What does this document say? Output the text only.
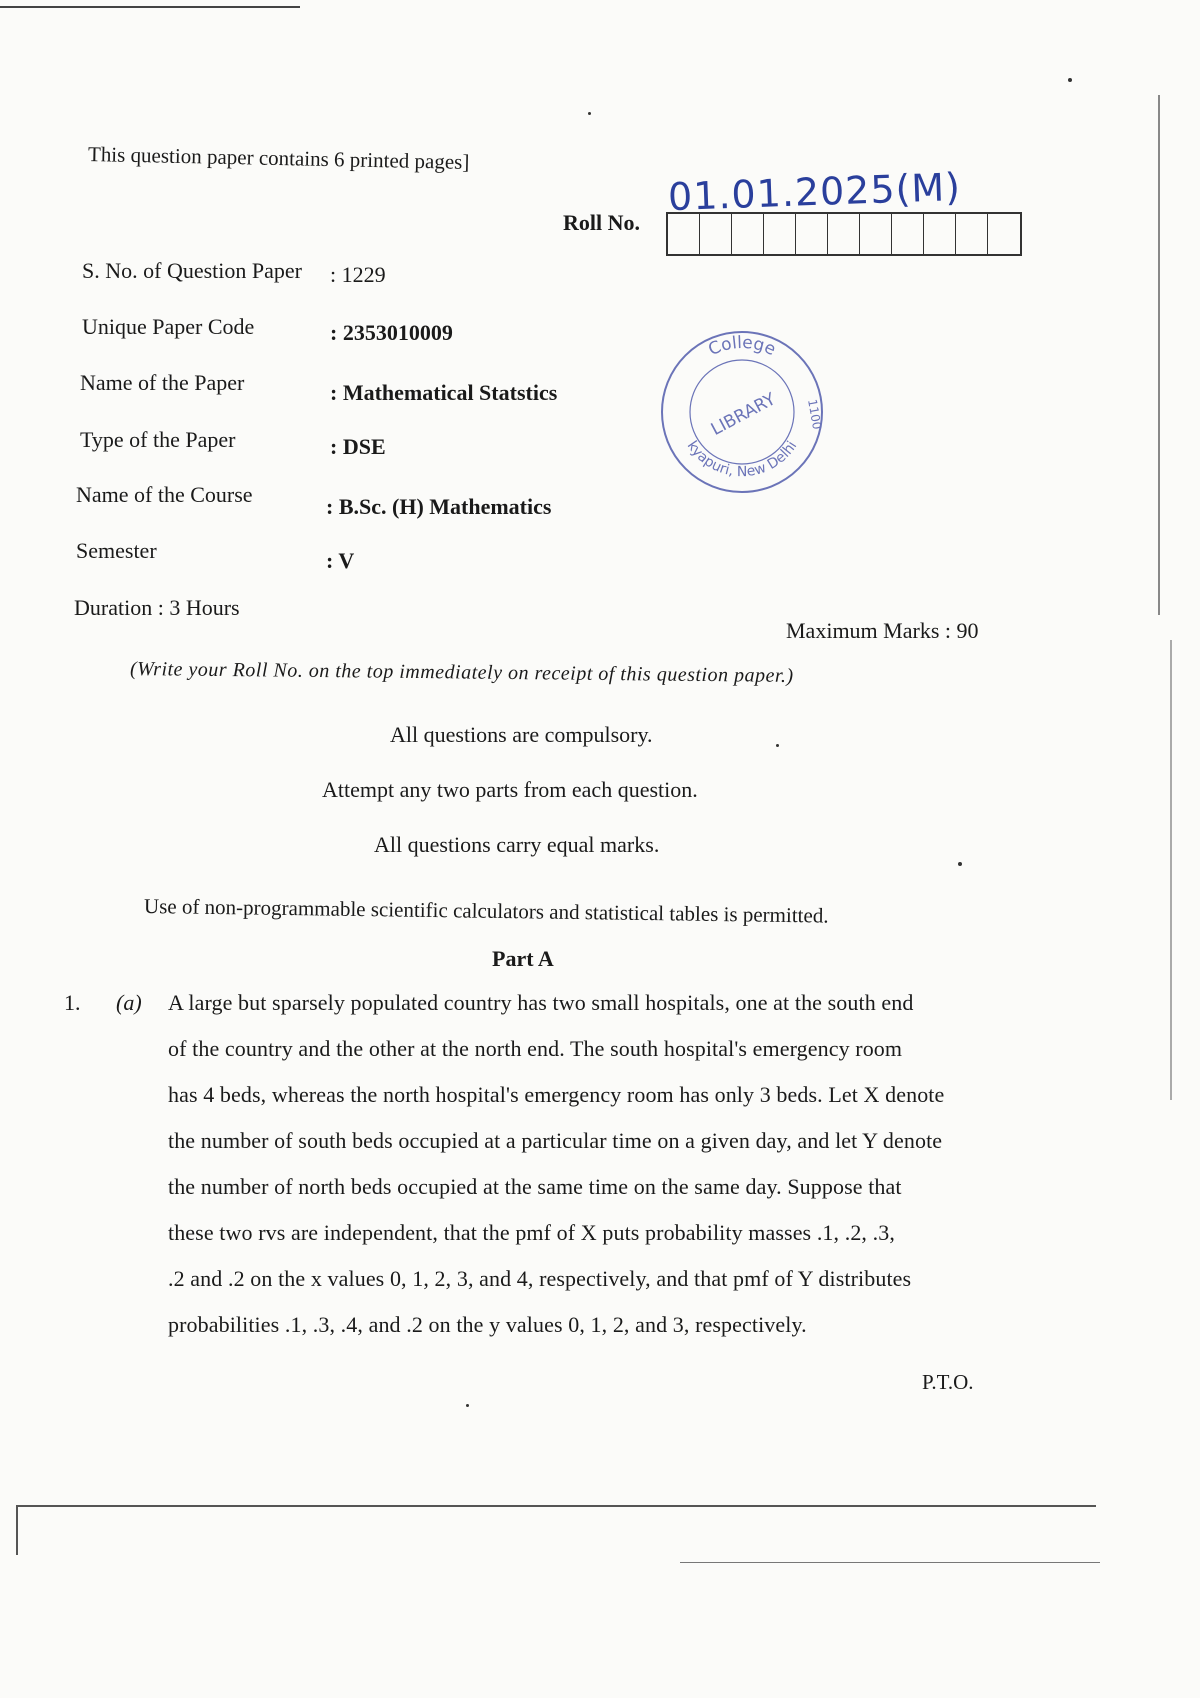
This question paper contains 6 printed pages]
01.01.2025(M)
Roll No.
S. No. of Question Paper : 1229
Unique Paper Code	: 2353010009
Name of the Paper	: Mathematical Statstics
Type of the Paper	: DSE
Name of the Course	: B.Sc. (H) Mathematics
Semester	: V
College
kyapuri, New Delhi
LIBRARY 1100
Duration : 3 Hours
Maximum Marks : 90
(Write your Roll No. on the top immediately on receipt of this question paper.)
All questions are compulsory.
Attempt any two parts from each question.
All questions carry equal marks.
Use of non-programmable scientific calculators and statistical tables is permitted.
Part A
1. (a) A large but sparsely populated country has two small hospitals, one at the south end
of the country and the other at the north end. The south hospital's emergency room
has 4 beds, whereas the north hospital's emergency room has only 3 beds. Let X denote
the number of south beds occupied at a particular time on a given day, and let Y denote
the number of north beds occupied at the same time on the same day. Suppose that
these two rvs are independent, that the pmf of X puts probability masses .1, .2, .3,
.2 and .2 on the x values 0, 1, 2, 3, and 4, respectively, and that pmf of Y distributes
probabilities .1, .3, .4, and .2 on the y values 0, 1, 2, and 3, respectively.
P.T.O.
